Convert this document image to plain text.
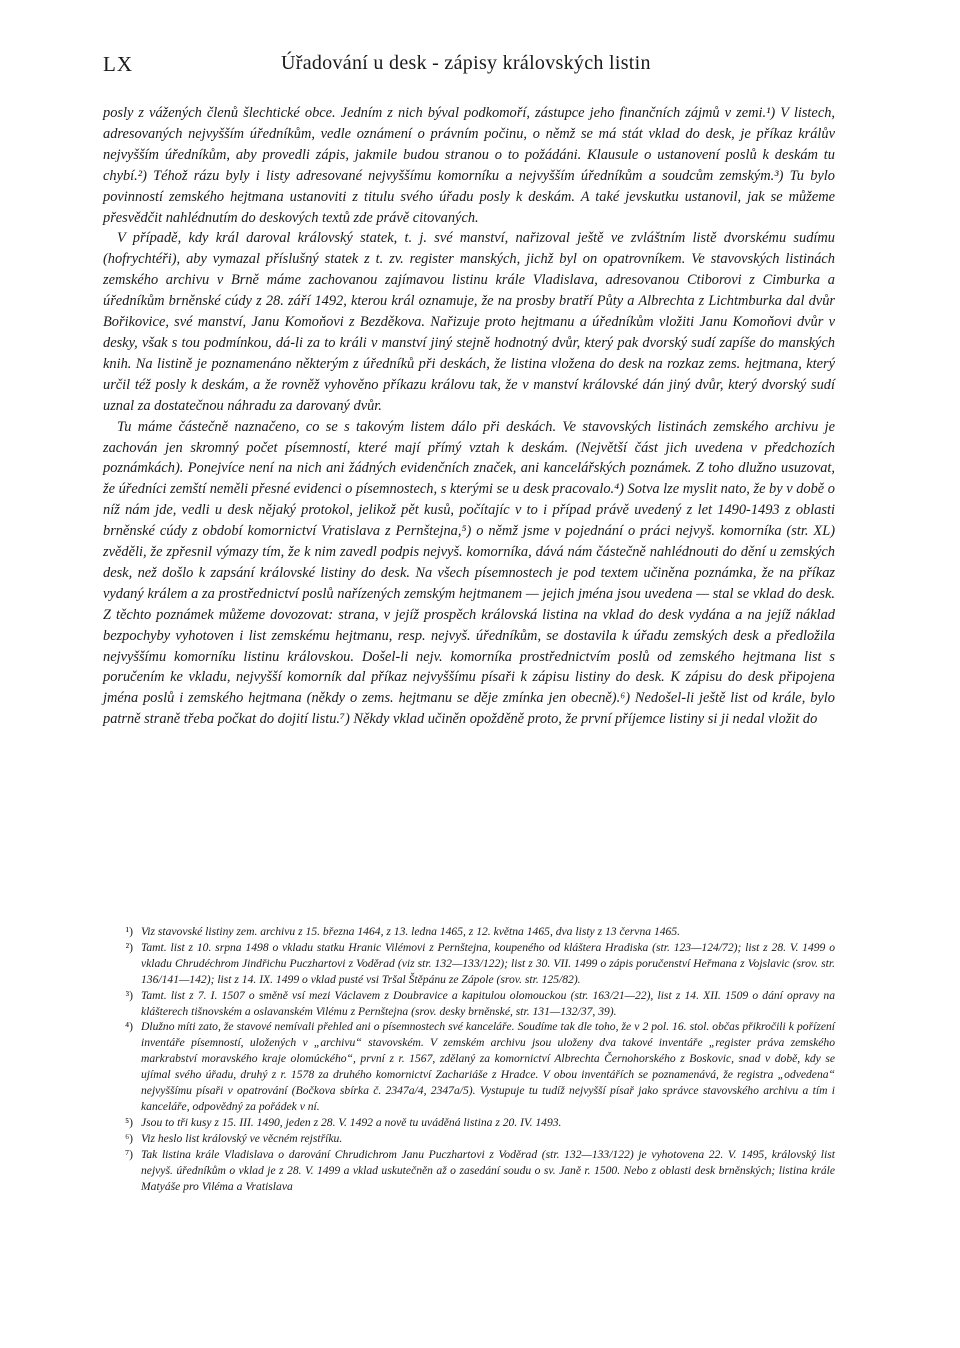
LX	Úřadování u desk - zápisy královských listin

posly z vážených členů šlechtické obce. Jedním z nich býval podkomoří, zástupce jeho finančních zájmů v zemi.¹) V listech, adresovaných nejvyšším úředníkům, vedle oznámení o právním počinu, o němž se má stát vklad do desk, je příkaz králův nejvyšším úředníkům, aby provedli zápis, jakmile budou stranou o to požádáni. Klausule o ustanovení poslů k deskám tu chybí.²) Téhož rázu byly i listy adresované nejvyššímu komorníku a nejvyšším úředníkům a soudcům zemským.³) Tu bylo povinností zemského hejtmana ustanoviti z titulu svého úřadu posly k deskám. A také jevskutku ustanovil, jak se můžeme přesvědčit nahlédnutím do deskových textů zde právě citovaných.

V případě, kdy král daroval královský statek, t. j. své manství, nařizoval ještě ve zvláštním listě dvorskému sudímu (hofrychtéři), aby vymazal příslušný statek z t. zv. register manských, jichž byl on opatrovníkem. Ve stavovských listinách zemského archivu v Brně máme zachovanou zajímavou listinu krále Vladislava, adresovanou Ctiborovi z Cimburka a úředníkům brněnské cúdy z 28. září 1492, kterou král oznamuje, že na prosby bratří Půty a Albrechta z Lichtmburka dal dvůr Bořikovice, své manství, Janu Komoňovi z Bezděkova. Nařizuje proto hejtmanu a úředníkům vložiti Janu Komoňovi dvůr v desky, však s tou podmínkou, dá-li za to králi v manství jiný stejně hodnotný dvůr, který pak dvorský sudí zapíše do manských knih. Na listině je poznamenáno některým z úředníků při deskách, že listina vložena do desk na rozkaz zems. hejtmana, který určil též posly k deskám, a že rovněž vyhověno příkazu královu tak, že v manství královské dán jiný dvůr, který dvorský sudí uznal za dostatečnou náhradu za darovaný dvůr.

Tu máme částečně naznačeno, co se s takovým listem dálo při deskách. Ve stavovských listinách zemského archivu je zachován jen skromný počet písemností, které mají přímý vztah k deskám. (Největší část jich uvedena v předchozích poznámkách). Ponejvíce není na nich ani žádných evidenčních značek, ani kancelářských poznámek. Z toho dlužno usuzovat, že úředníci zemští neměli přesné evidenci o písemnostech, s kterými se u desk pracovalo.⁴) Sotva lze myslit nato, že by v době o níž nám jde, vedli u desk nějaký protokol, jelikož pět kusů, počítajíc v to i případ právě uvedený z let 1490-1493 z oblasti brněnské cúdy z období komornictví Vratislava z Pernštejna,⁵) o němž jsme v pojednání o práci nejvyš. komorníka (str. XL) zvěděli, že zpřesnil výmazy tím, že k nim zavedl podpis nejvyš. komorníka, dává nám částečně nahlédnouti do dění u zemských desk, než došlo k zapsání královské listiny do desk. Na všech písemnostech je pod textem učiněna poznámka, že na příkaz vydaný králem a za prostřednictví poslů nařízených zemským hejtmanem — jejich jména jsou uvedena — stal se vklad do desk. Z těchto poznámek můžeme dovozovat: strana, v jejíž prospěch královská listina na vklad do desk vydána a na jejíž náklad bezpochyby vyhotoven i list zemskému hejtmanu, resp. nejvyš. úředníkům, se dostavila k úřadu zemských desk a předložila nejvyššímu komorníku listinu královskou. Došel-li nejv. komorníka prostřednictvím poslů od zemského hejtmana list s poručením ke vkladu, nejvyšší komorník dal příkaz nejvyššímu písaři k zápisu listiny do desk. K zápisu do desk připojena jména poslů i zemského hejtmana (někdy o zems. hejtmanu se děje zmínka jen obecně).⁶) Nedošel-li ještě list od krále, bylo patrně straně třeba počkat do dojití listu.⁷) Někdy vklad učiněn opožděně proto, že první příjemce listiny si ji nedal vložit do

¹) Viz stavovské listiny zem. archivu z 15. března 1464, z 13. ledna 1465, z 12. května 1465, dva listy z 13 června 1465.
²) Tamt. list z 10. srpna 1498 o vkladu statku Hranic Vilémovi z Pernštejna, koupeného od kláštera Hradiska (str. 123—124/72); list z 28. V. 1499 o vkladu Chrudéchrom Jindřichu Puczhartovi z Voděrad (viz str. 132—133/122); list z 30. VII. 1499 o zápis poručenství Heřmana z Vojslavic (srov. str. 136/141—142); list z 14. IX. 1499 o vklad pusté vsi Tršal Štěpánu ze Zápole (srov. str. 125/82).
³) Tamt. list z 7. I. 1507 o směně vsí mezi Václavem z Doubravice a kapitulou olomouckou (str. 163/21—22), list z 14. XII. 1509 o dání opravy na klášterech tišnovském a oslavanském Vilému z Pernštejna (srov. desky brněnské, str. 131—132/37, 39).
⁴) Dlužno míti zato, že stavové nemívali přehled ani o písemnostech své kanceláře. Soudíme tak dle toho, že v 2 pol. 16. stol. občas přikročili k pořízení inventáře písemností, uložených v „archivu“ stavovském. V zemském archivu jsou uloženy dva takové inventáře „register práva zemského markrabství moravského kraje olomúckého“, první z r. 1567, zdělaný za komornictví Albrechta Černohorského z Boskovic, snad v době, kdy se ujímal svého úřadu, druhý z r. 1578 za druhého komornictví Zachariáše z Hradce. V obou inventářích se poznamenává, že registra „odvedena“ nejvyššímu písaři v opatrování (Bočkova sbírka č. 2347a/4, 2347a/5). Vystupuje tu tudíž nejvyšší písař jako správce stavovského archivu a tím i kanceláře, odpovědný za pořádek v ní.
⁵) Jsou to tři kusy z 15. III. 1490, jeden z 28. V. 1492 a nově tu uváděná listina z 20. IV. 1493.
⁶) Viz heslo list královský ve věcném rejstříku.
⁷) Tak listina krále Vladislava o darování Chrudichrom Janu Puczhartovi z Voděrad (str. 132—133/122) je vyhotovena 22. V. 1495, královský list nejvyš. úředníkům o vklad je z 28. V. 1499 a vklad uskutečněn až o zasedání soudu o sv. Janě r. 1500. Nebo z oblasti desk brněnských; listina krále Matyáše pro Viléma a Vratislava
